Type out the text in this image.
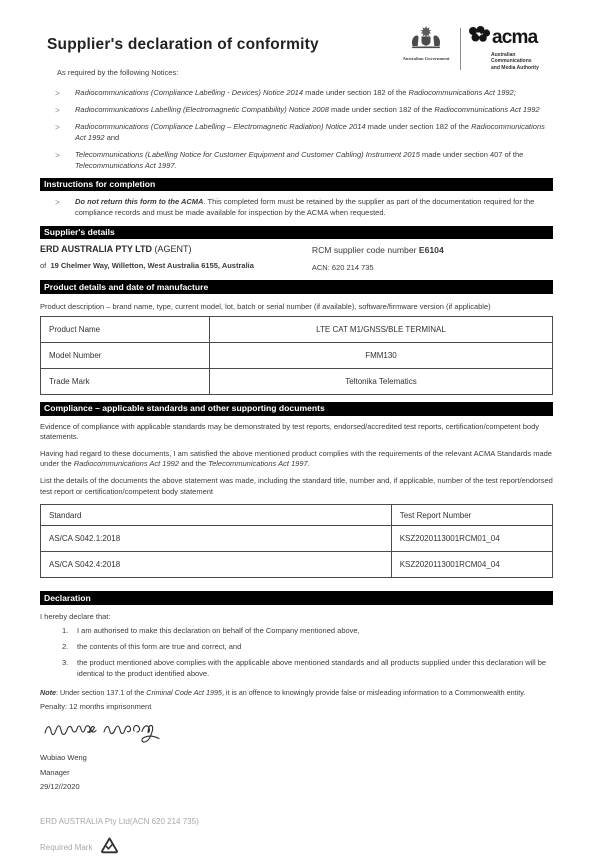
Supplier's declaration of conformity
As required by the following Notices:
Australian Government
acma
Australian
Communications
and Media Authority
>	Radiocommunications (Compliance Labelling - Devices) Notice 2014 made under section 182 of the Radiocommunications Act 1992;
>	Radiocommunications Labelling (Electromagnetic Compatibility) Notice 2008 made under section 182 of the Radiocommunications Act 1992
>	Radiocommunications (Compliance Labelling – Electromagnetic Radiation) Notice 2014 made under section 182 of the Radiocommunications Act 1992 and
>	Telecommunications (Labelling Notice for Customer Equipment and Customer Cabling) Instrument 2015 made under section 407 of the Telecommunications Act 1997.
Instructions for completion
>	Do not return this form to the ACMA. This completed form must be retained by the supplier as part of the documentation required for the compliance records and must be made available for inspection by the ACMA when requested.
Supplier's details
ERD AUSTRALIA PTY LTD (AGENT)
of 19 Chelmer Way, Willetton, West Australia 6155, Australia
RCM supplier code number E6104
ACN: 620 214 735
Product details and date of manufacture
Product description – brand name, type, current model, lot, batch or serial number (if available), software/firmware version (if applicable)
Product Name	LTE CAT M1/GNSS/BLE TERMINAL
Model Number	FMM130
Trade Mark	Teltonika Telematics
Compliance – applicable standards and other supporting documents
Evidence of compliance with applicable standards may be demonstrated by test reports, endorsed/accredited test reports, certification/competent body statements.
Having had regard to these documents, I am satisfied the above mentioned product complies with the requirements of the relevant ACMA Standards made under the Radiocommunications Act 1992 and the Telecommunications Act 1997.
List the details of the documents the above statement was made, including the standard title, number and, if applicable, number of the test report/endorsed test report or certification/competent body statement
Standard	Test Report Number
AS/CA S042.1:2018	KSZ2020113001RCM01_04
AS/CA S042.4:2018	KSZ2020113001RCM04_04
Declaration
I hereby declare that:
1.	I am authorised to make this declaration on behalf of the Company mentioned above,
2.	the contents of this form are true and correct, and
3.	the product mentioned above complies with the applicable above mentioned standards and all products supplied under this declaration will be identical to the product identified above.
Note: Under section 137.1 of the Criminal Code Act 1995, it is an offence to knowingly provide false or misleading information to a Commonwealth entity.
Penalty: 12 months imprisonment
Wubiao Weng
Manager
29/12//2020
ERD AUSTRALIA Pty Ltd(ACN 620 214 735)
Required Mark
